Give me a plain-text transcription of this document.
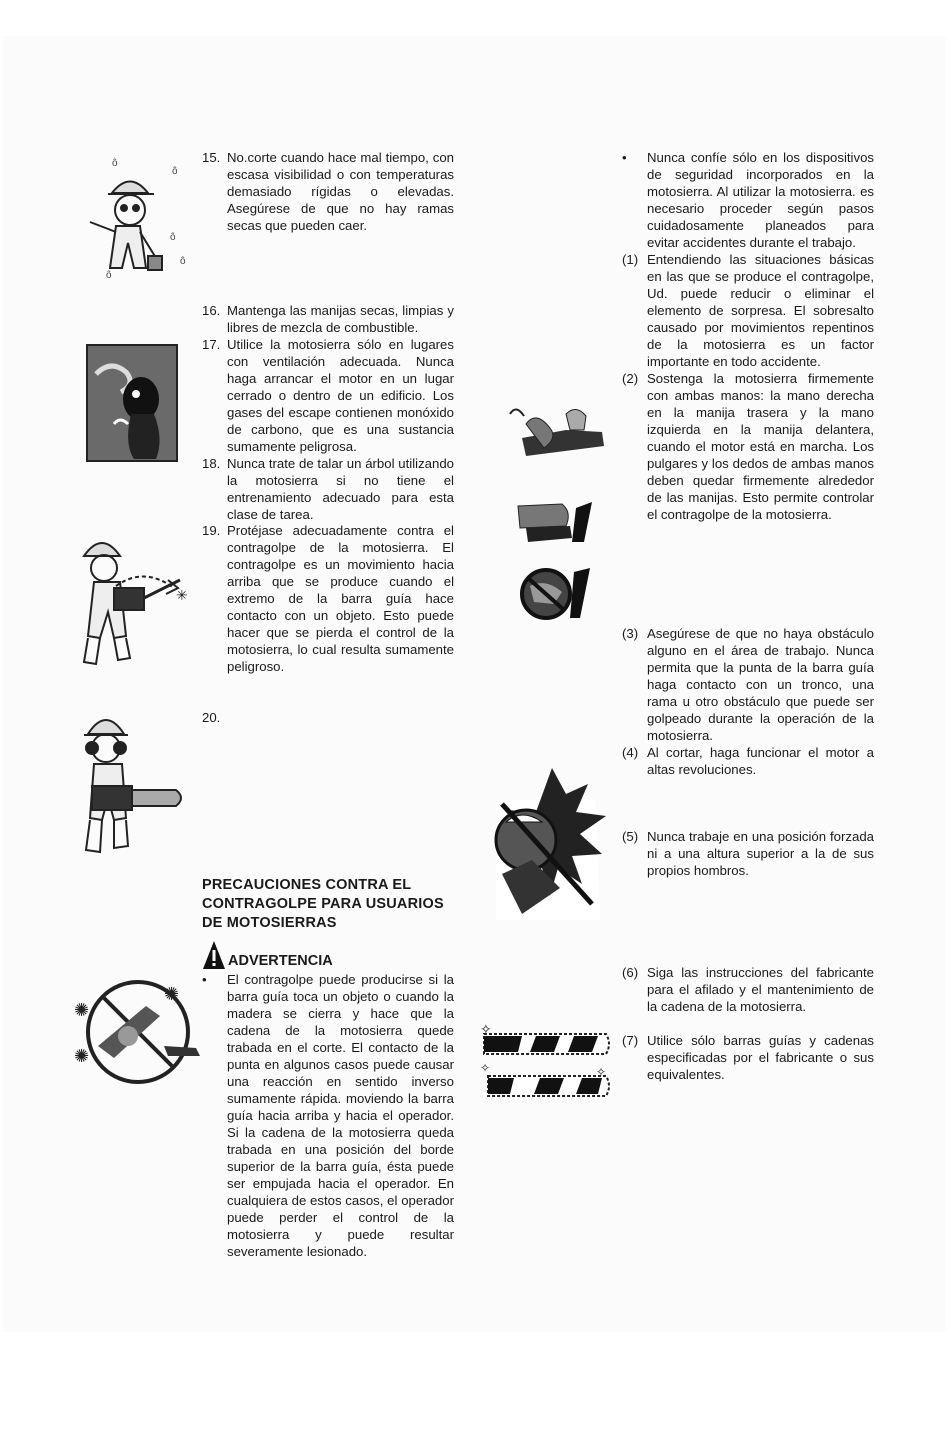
ô
ô
ô
ô
ô
✳
✺
✺
✺
✧
✧	✧
15. No.corte cuando hace mal tiempo, con escasa visibilidad o con temperaturas demasiado rígidas o elevadas. Asegúrese de que no hay ramas secas que pueden caer.

16. Mantenga las manijas secas, limpias y libres de mezcla de combustible.

17. Utilice la motosierra sólo en lugares con ventilación adecuada. Nunca haga arrancar el motor en un lugar cerrado o dentro de un edificio. Los gases del escape contienen monóxido de carbono, que es una sustancia sumamente peligrosa.

18. Nunca trate de talar un árbol utilizando la motosierra si no tiene el entrenamiento adecuado para esta clase de tarea.

19. Protéjase adecuadamente contra el contragolpe de la motosierra. El contragolpe es un movimiento hacia arriba que se produce cuando el extremo de la barra guía hace contacto con un objeto. Esto puede hacer que se pierda el control de la motosierra, lo cual resulta sumamente peligroso.

20.

PRECAUCIONES CONTRA EL CONTRAGOLPE PARA USUARIOS DE MOTOSIERRAS
ADVERTENCIA
• El contragolpe puede producirse si la barra guía toca un objeto o cuando la madera se cierra y hace que la cadena de la motosierra quede trabada en el corte. El contacto de la punta en algunos casos puede causar una reacción en sentido inverso sumamente rápida. moviendo la barra guía hacia arriba y hacia el operador. Si la cadena de la motosierra queda trabada en una posición del borde superior de la barra guía, ésta puede ser empujada hacia el operador. En cualquiera de estos casos, el operador puede perder el control de la motosierra y puede resultar severamente lesionado.

• Nunca confíe sólo en los dispositivos de seguridad incorporados en la motosierra. Al utilizar la motosierra. es necesario proceder según pasos cuidadosamente planeados para evitar accidentes durante el trabajo.

(1) Entendiendo las situaciones básicas en las que se produce el contragolpe, Ud. puede reducir o eliminar el elemento de sorpresa. El sobresalto causado por movimientos repentinos de la motosierra es un factor importante en todo accidente.

(2) Sostenga la motosierra firmemente con ambas manos: la mano derecha en la manija trasera y la mano izquierda en la manija delantera, cuando el motor está en marcha. Los pulgares y los dedos de ambas manos deben quedar firmemente alrededor de las manijas. Esto permite controlar el contragolpe de la motosierra.

(3) Asegúrese de que no haya obstáculo alguno en el área de trabajo. Nunca permita que la punta de la barra guía haga contacto con un tronco, una rama u otro obstáculo que puede ser golpeado durante la operación de la motosierra.

(4) Al cortar, haga funcionar el motor a altas revoluciones.

(5) Nunca trabaje en una posición forzada ni a una altura superior a la de sus propios hombros.

(6) Siga las instrucciones del fabricante para el afilado y el mantenimiento de la cadena de la motosierra.

(7) Utilice sólo barras guías y cadenas especificadas por el fabricante o sus equivalentes.
